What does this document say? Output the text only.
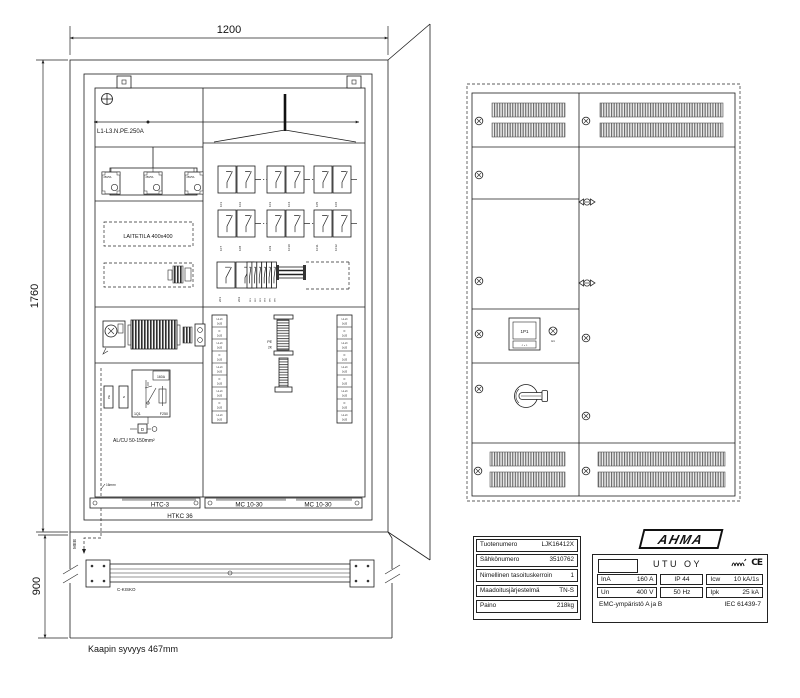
1200
1760
900
L1-L3.N.PE.250A
250/5A	250/5A	250/5A
LAITETILA 400x400
MEB
PE	N
160A
1Q1	F250
D
AL/CU 50-150mm²
16mm²
1F1	1F2	1F3	1F4	1F5	1F6
1F7	1F8	1F9	1F10	1F11	1F12
2F1	2F2	3F1 3F2 3F3 3F4 3F5 3F6
L1-L3
3x35
N
2x35
L1-L3
3x35
N
2x35
L1-L3
3x35
N
2x35
L1-L3
3x35
N
2x35
L1-L3
3x35
L1-L3
3x35
N
2x35
L1-L3
3x35
N
2x35
L1-L3
3x35
N
2x35
L1-L3
3x35
N
2x35
L1-L3
3x35
PE
2K
HTC-3	MC 10-30	MC 10-30
HTKC 36
C-KISKO
Kaapin syvyys 467mm
1P1
‹ ▫ ›
H1
Tuotenumero	LJK16412X
Sähkönumero	3510762
Nimellinen tasoituskerroin	1
Maadoitusjärjestelmä	TN-S
Paino	218kg
AHMA
UTU OY	CE
InA	160 A	IP 44	Icw 10 kA/1s
Un	400 V	50 Hz	Ipk	25 kA
EMC-ympäristö A ja B	IEC 61439-7
